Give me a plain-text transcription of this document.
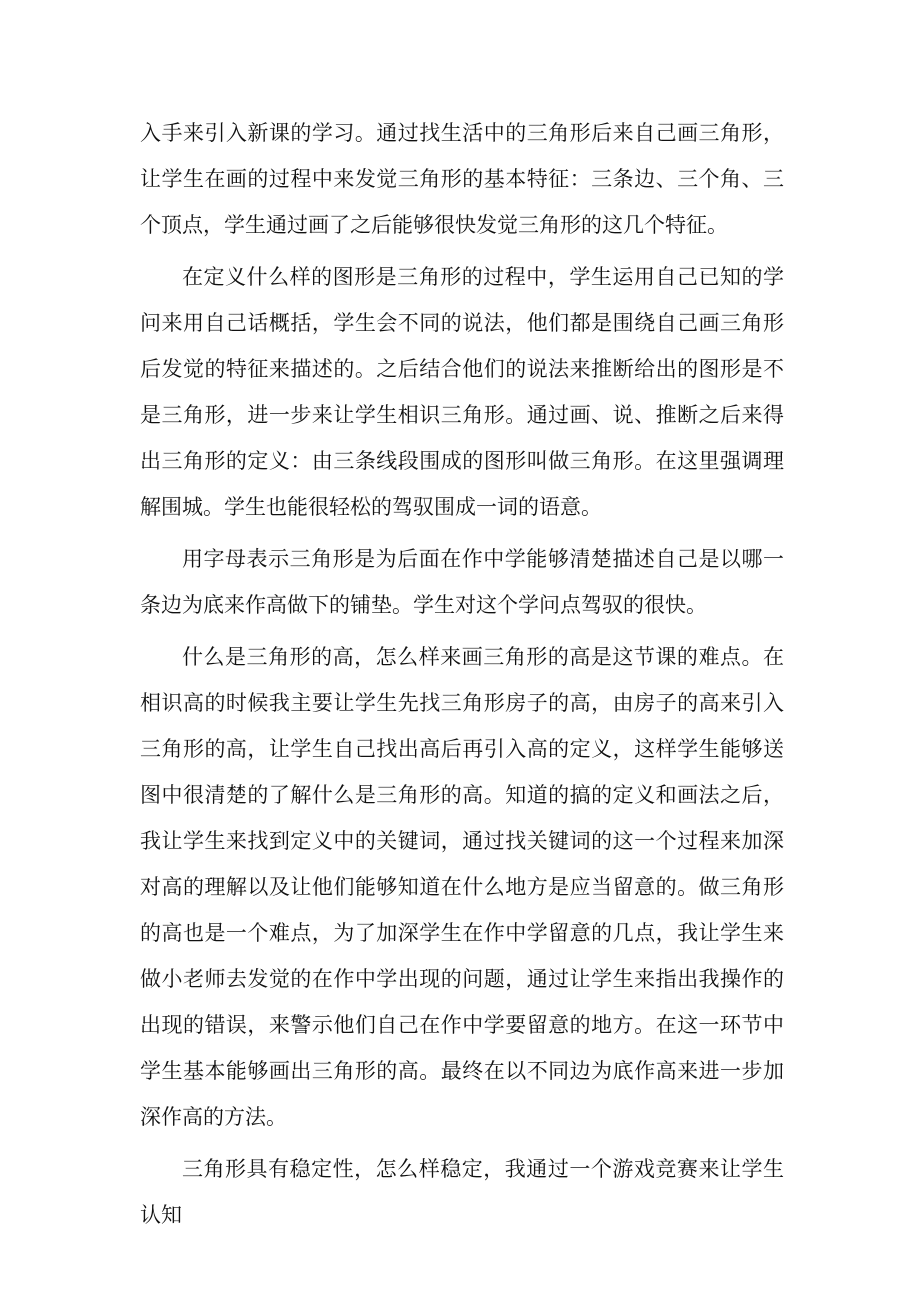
入手来引入新课的学习。通过找生活中的三角形后来自己画三角形，让学生在画的过程中来发觉三角形的基本特征：三条边、三个角、三个顶点，学生通过画了之后能够很快发觉三角形的这几个特征。

在定义什么样的图形是三角形的过程中，学生运用自己已知的学问来用自己话概括，学生会不同的说法，他们都是围绕自己画三角形后发觉的特征来描述的。之后结合他们的说法来推断给出的图形是不是三角形，进一步来让学生相识三角形。通过画、说、推断之后来得出三角形的定义：由三条线段围成的图形叫做三角形。在这里强调理解围城。学生也能很轻松的驾驭围成一词的语意。

用字母表示三角形是为后面在作中学能够清楚描述自己是以哪一条边为底来作高做下的铺垫。学生对这个学问点驾驭的很快。

什么是三角形的高，怎么样来画三角形的高是这节课的难点。在相识高的时候我主要让学生先找三角形房子的高，由房子的高来引入三角形的高，让学生自己找出高后再引入高的定义，这样学生能够送图中很清楚的了解什么是三角形的高。知道的搞的定义和画法之后，我让学生来找到定义中的关键词，通过找关键词的这一个过程来加深对高的理解以及让他们能够知道在什么地方是应当留意的。做三角形的高也是一个难点，为了加深学生在作中学留意的几点，我让学生来做小老师去发觉的在作中学出现的问题，通过让学生来指出我操作的出现的错误，来警示他们自己在作中学要留意的地方。在这一环节中学生基本能够画出三角形的高。最终在以不同边为底作高来进一步加深作高的方法。

三角形具有稳定性，怎么样稳定，我通过一个游戏竞赛来让学生认知
